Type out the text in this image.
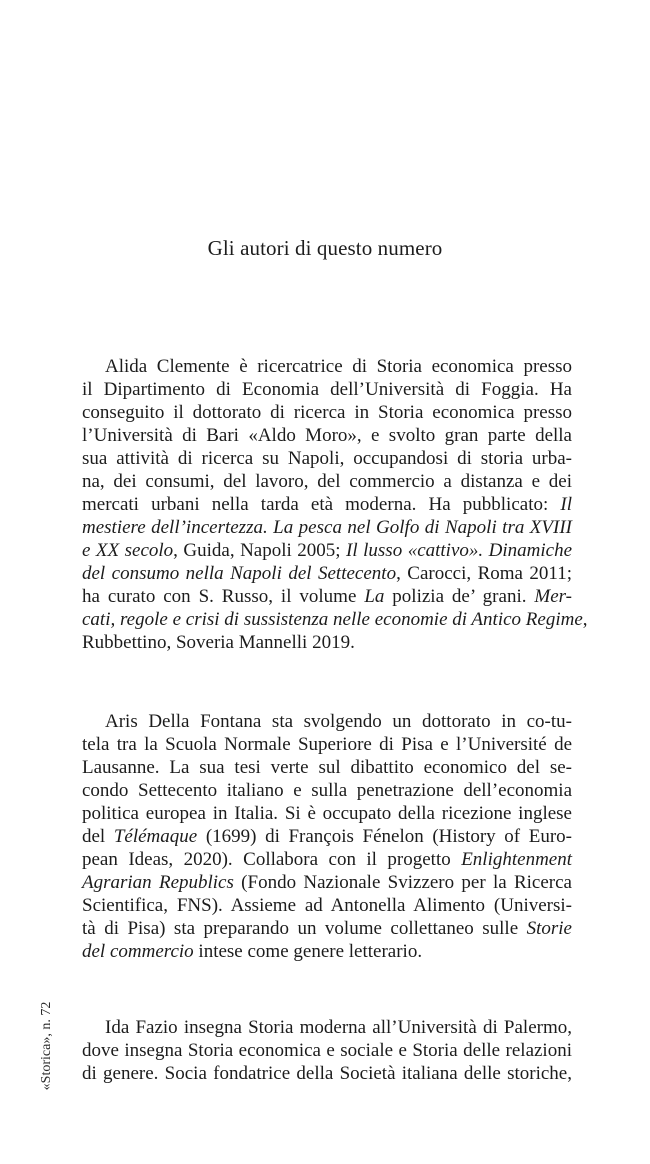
Gli autori di questo numero
Alida Clemente è ricercatrice di Storia economica presso
il Dipartimento di Economia dell’Università di Foggia. Ha
conseguito il dottorato di ricerca in Storia economica presso
l’Università di Bari «Aldo Moro», e svolto gran parte della
sua attività di ricerca su Napoli, occupandosi di storia urba-
na, dei consumi, del lavoro, del commercio a distanza e dei
mercati urbani nella tarda età moderna. Ha pubblicato: Il
mestiere dell’incertezza. La pesca nel Golfo di Napoli tra XVIII
e XX secolo, Guida, Napoli 2005; Il lusso «cattivo». Dinamiche
del consumo nella Napoli del Settecento, Carocci, Roma 2011;
ha curato con S. Russo, il volume La polizia de’ grani. Mer-
cati, regole e crisi di sussistenza nelle economie di Antico Regime,
Rubbettino, Soveria Mannelli 2019.
Aris Della Fontana sta svolgendo un dottorato in co-tu-
tela tra la Scuola Normale Superiore di Pisa e l’Université de
Lausanne. La sua tesi verte sul dibattito economico del se-
condo Settecento italiano e sulla penetrazione dell’economia
politica europea in Italia. Si è occupato della ricezione inglese
del Télémaque (1699) di François Fénelon (History of Euro-
pean Ideas, 2020). Collabora con il progetto Enlightenment
Agrarian Republics (Fondo Nazionale Svizzero per la Ricerca
Scientifica, FNS). Assieme ad Antonella Alimento (Universi-
tà di Pisa) sta preparando un volume collettaneo sulle Storie
del commercio intese come genere letterario.
Ida Fazio insegna Storia moderna all’Università di Palermo,
dove insegna Storia economica e sociale e Storia delle relazioni
di genere. Socia fondatrice della Società italiana delle storiche,
«Storica», n. 72
